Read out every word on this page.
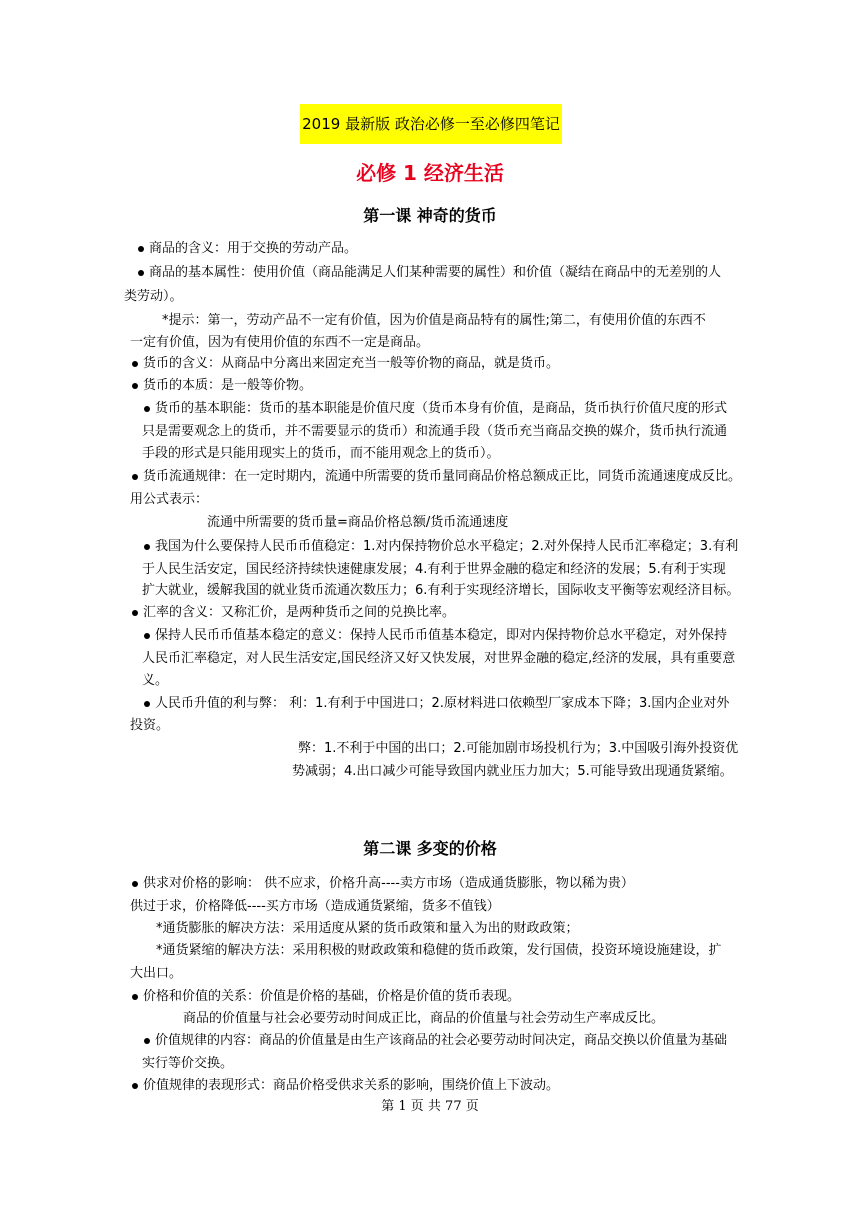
2019 最新版 政治必修一至必修四笔记
必修 1 经济生活
第一课 神奇的货币
商品的含义：用于交换的劳动产品。
商品的基本属性：使用价值（商品能满足人们某种需要的属性）和价值（凝结在商品中的无差别的人
类劳动）。
*提示：第一，劳动产品不一定有价值，因为价值是商品特有的属性;第二，有使用价值的东西不
一定有价值，因为有使用价值的东西不一定是商品。
货币的含义：从商品中分离出来固定充当一般等价物的商品，就是货币。
货币的本质：是一般等价物。
货币的基本职能：货币的基本职能是价值尺度（货币本身有价值，是商品，货币执行价值尺度的形式
只是需要观念上的货币，并不需要显示的货币）和流通手段（货币充当商品交换的媒介，货币执行流通
手段的形式是只能用现实上的货币，而不能用观念上的货币）。
货币流通规律：在一定时期内，流通中所需要的货币量同商品价格总额成正比，同货币流通速度成反比。
用公式表示：
流通中所需要的货币量=商品价格总额/货币流通速度
我国为什么要保持人民币币值稳定：1.对内保持物价总水平稳定；2.对外保持人民币汇率稳定；3.有利
于人民生活安定，国民经济持续快速健康发展；4.有利于世界金融的稳定和经济的发展；5.有利于实现
扩大就业，缓解我国的就业货币流通次数压力；6.有利于实现经济增长，国际收支平衡等宏观经济目标。
汇率的含义：又称汇价，是两种货币之间的兑换比率。
保持人民币币值基本稳定的意义：保持人民币币值基本稳定，即对内保持物价总水平稳定，对外保持
人民币汇率稳定，对人民生活安定,国民经济又好又快发展，对世界金融的稳定,经济的发展，具有重要意
义。
人民币升值的利与弊： 利：1.有利于中国进口；2.原材料进口依赖型厂家成本下降；3.国内企业对外
投资。
弊：1.不利于中国的出口；2.可能加剧市场投机行为；3.中国吸引海外投资优
势减弱；4.出口减少可能导致国内就业压力加大；5.可能导致出现通货紧缩。
第二课 多变的价格
供求对价格的影响： 供不应求，价格升高----卖方市场（造成通货膨胀，物以稀为贵）
供过于求，价格降低----买方市场（造成通货紧缩，货多不值钱）
*通货膨胀的解决方法：采用适度从紧的货币政策和量入为出的财政政策；
*通货紧缩的解决方法：采用积极的财政政策和稳健的货币政策，发行国债，投资环境设施建设，扩
大出口。
价格和价值的关系：价值是价格的基础，价格是价值的货币表现。
商品的价值量与社会必要劳动时间成正比，商品的价值量与社会劳动生产率成反比。
价值规律的内容：商品的价值量是由生产该商品的社会必要劳动时间决定，商品交换以价值量为基础
实行等价交换。
价值规律的表现形式：商品价格受供求关系的影响，围绕价值上下波动。
第 1 页 共 77 页
